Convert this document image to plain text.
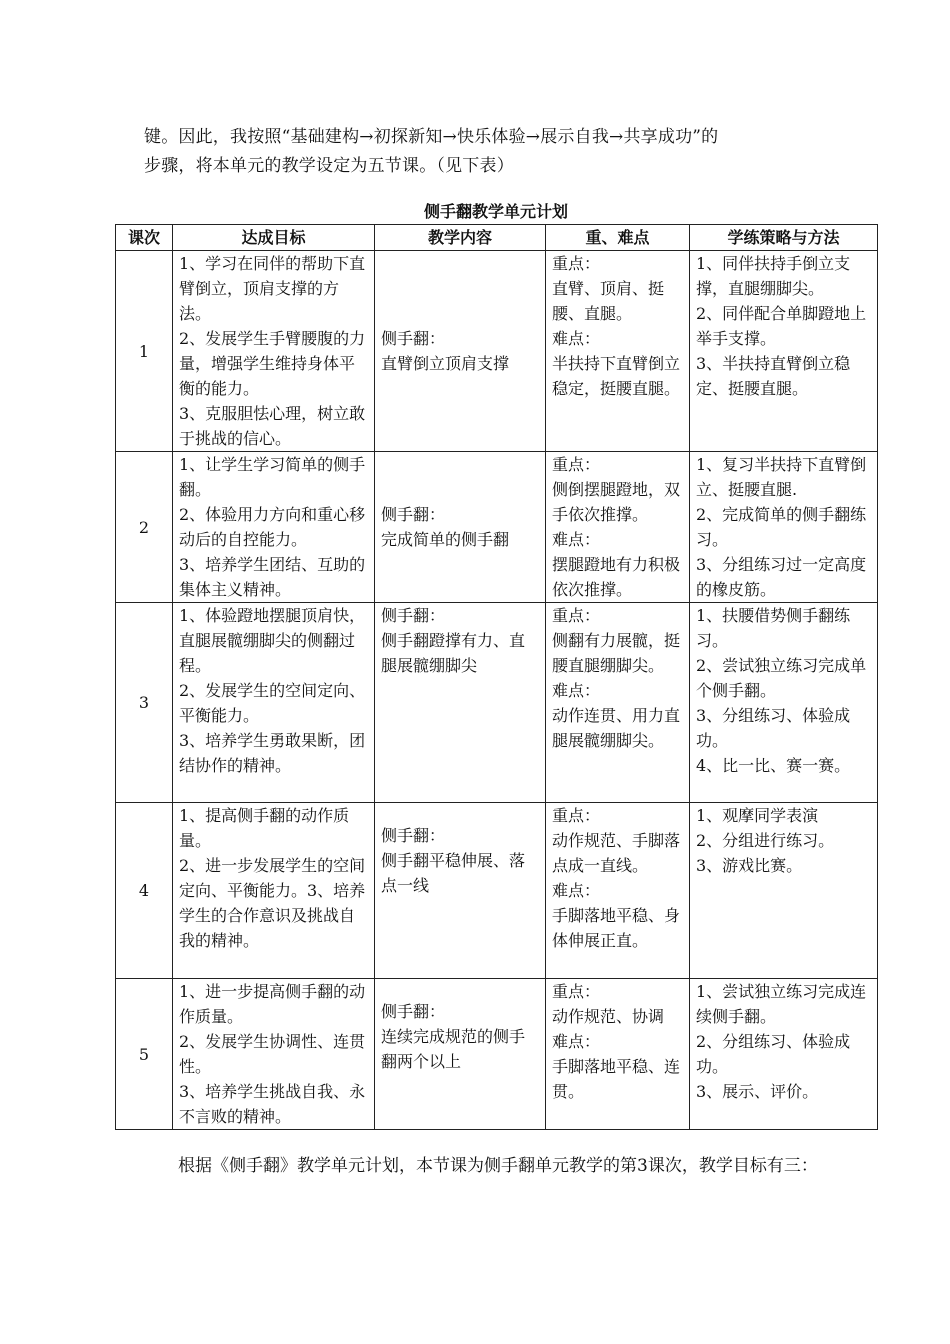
键。因此，我按照“基础建构→初探新知→快乐体验→展示自我→共享成功”的

步骤，将本单元的教学设定为五节课。（见下表）

侧手翻教学单元计划
课次	达成目标	教学内容	重、难点	学练策略与方法
1	1、学习在同伴的帮助下直臂倒立，顶肩支撑的方法。
2、发展学生手臂腰腹的力量，增强学生维持身体平衡的能力。
3、克服胆怯心理，树立敢于挑战的信心。	侧手翻：
直臂倒立顶肩支撑	重点：
直臂、顶肩、挺腰、直腿。
难点：
半扶持下直臂倒立稳定，挺腰直腿。	1、同伴扶持手倒立支撑，直腿绷脚尖。
2、同伴配合单脚蹬地上举手支撑。
3、半扶持直臂倒立稳定、挺腰直腿。

2	1、让学生学习简单的侧手翻。
2、体验用力方向和重心移动后的自控能力。
3、培养学生团结、互助的集体主义精神。	侧手翻：
完成简单的侧手翻	重点：
侧倒摆腿蹬地，双手依次推撑。
难点：
摆腿蹬地有力积极依次推撑。	1、复习半扶持下直臂倒立、挺腰直腿.
2、完成简单的侧手翻练习。
3、分组练习过一定高度的橡皮筋。

3	1、体验蹬地摆腿顶肩快，直腿展髋绷脚尖的侧翻过程。
2、发展学生的空间定向、平衡能力。
3、培养学生勇敢果断，团结协作的精神。	侧手翻：
侧手翻蹬撑有力、直腿展髋绷脚尖	重点：
侧翻有力展髋，挺腰直腿绷脚尖。
难点：
动作连贯、用力直腿展髋绷脚尖。	1、扶腰借势侧手翻练习。
2、尝试独立练习完成单个侧手翻。
3、分组练习、体验成功。
4、比一比、赛一赛。

4	1、提高侧手翻的动作质量。
2、进一步发展学生的空间定向、平衡能力。3、培养学生的合作意识及挑战自我的精神。	侧手翻：
侧手翻平稳伸展、落点一线	重点：
动作规范、手脚落点成一直线。
难点：
手脚落地平稳、身体伸展正直。	1、观摩同学表演
2、分组进行练习。
3、游戏比赛。

5	1、进一步提高侧手翻的动作质量。
2、发展学生协调性、连贯性。
3、培养学生挑战自我、永不言败的精神。	侧手翻：
连续完成规范的侧手翻两个以上	重点：
动作规范、协调
难点：
手脚落地平稳、连贯。	1、尝试独立练习完成连续侧手翻。
2、分组练习、体验成功。
3、展示、评价。

根据《侧手翻》教学单元计划，本节课为侧手翻单元教学的第3课次，教学目标有三：
